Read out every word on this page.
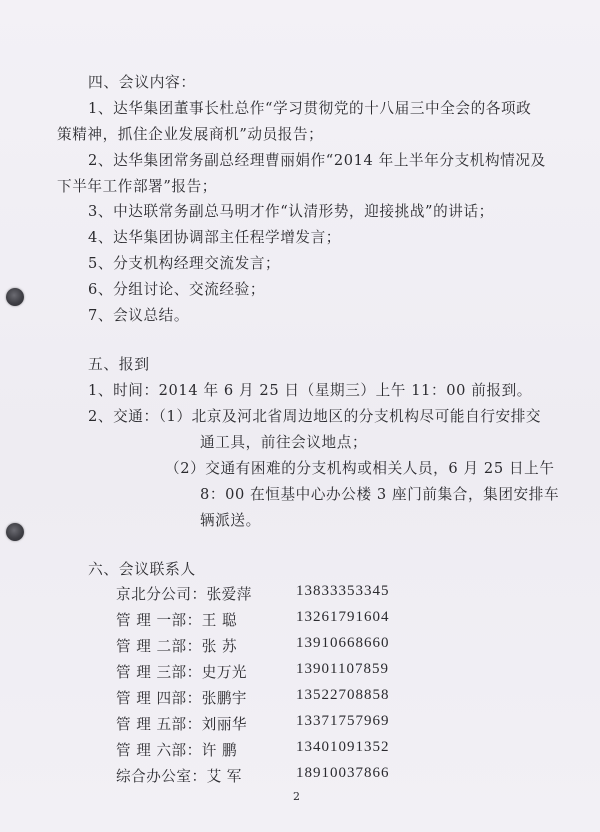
四、会议内容：
1、达华集团董事长杜总作“学习贯彻党的十八届三中全会的各项政
策精神，抓住企业发展商机”动员报告；
2、达华集团常务副总经理曹丽娟作“2014 年上半年分支机构情况及
下半年工作部署”报告；
3、中达联常务副总马明才作“认清形势，迎接挑战”的讲话；
4、达华集团协调部主任程学增发言；
5、分支机构经理交流发言；
6、分组讨论、交流经验；
7、会议总结。
五、报到
1、时间：2014 年 6 月 25 日（星期三）上午 11：00 前报到。
2、交通：（1）北京及河北省周边地区的分支机构尽可能自行安排交
通工具，前往会议地点；
（2）交通有困难的分支机构或相关人员，6 月 25 日上午
8：00 在恒基中心办公楼 3 座门前集合，集团安排车
辆派送。
六、会议联系人
京北分公司：张爱萍	13833353345
管 理 一部：王 聪	13261791604
管 理 二部：张 苏	13910668660
管 理 三部：史万光	13901107859
管 理 四部：张鹏宇	13522708858
管 理 五部：刘丽华	13371757969
管 理 六部：许 鹏	13401091352
综合办公室：艾 军	18910037866
2
